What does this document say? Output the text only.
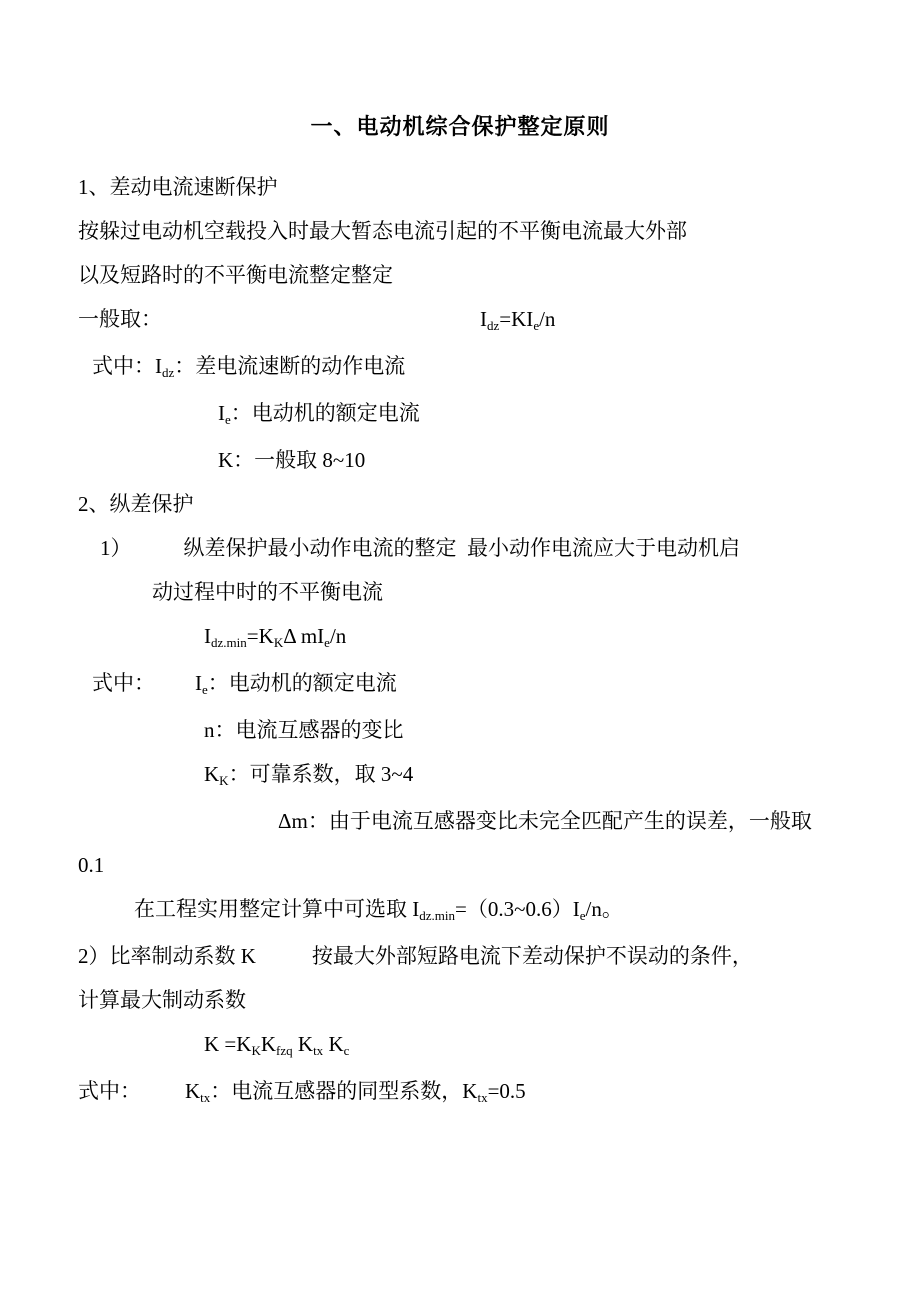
一、电动机综合保护整定原则

1、差动电流速断保护

按躲过电动机空载投入时最大暂态电流引起的不平衡电流最大外部

以及短路时的不平衡电流整定整定

一般取：	$I_{dz}=KI_e/n$

式中：$I_{dz}$：差电流速断的动作电流

$I_e$：电动机的额定电流

K：一般取 8~10

2、纵差保护

1） 纵差保护最小动作电流的整定  最小动作电流应大于电动机启

动过程中时的不平衡电流

$I_{dz.min}=K_K\Delta$ $mI_e/n$

式中： $I_e$：电动机的额定电流

n：电流互感器的变比

$K_K$：可靠系数，取 3~4

Δm：由于电流互感器变比未完全匹配产生的误差，一般取

0.1

在工程实用整定计算中可选取 $I_{dz.min}=(0.3\sim 0.6)I_e/n$。

2）比率制动系数 K	按最大外部短路电流下差动保护不误动的条件，

计算最大制动系数

$K =K_KK_{fzq}$ $K_{tx}$ $K_c$

式中： $K_{tx}$：电流互感器的同型系数，$K_{tx}=0.5$
